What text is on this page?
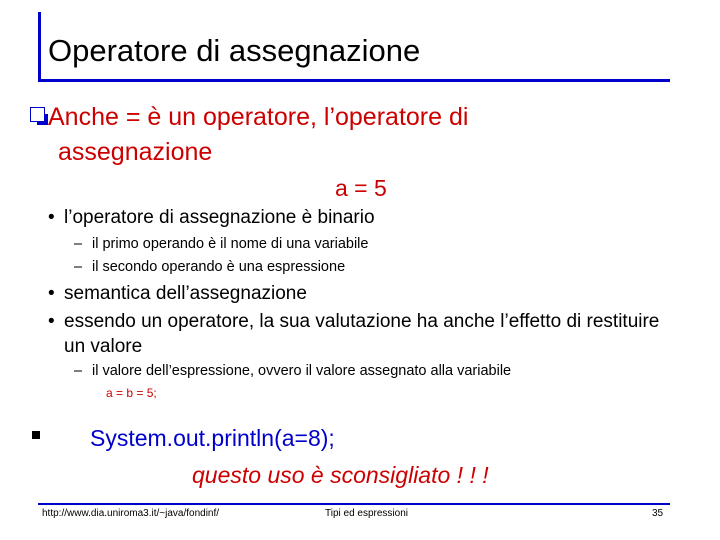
Operatore di assegnazione
Anche = è un operatore, l’operatore di
assegnazione
a = 5
• l’operatore di assegnazione è binario
– il primo operando è il nome di una variabile
– il secondo operando è una espressione
• semantica dell’assegnazione
• essendo un operatore, la sua valutazione ha anche l’effetto di restituire
un valore
– il valore dell’espressione, ovvero il valore assegnato alla variabile
a = b = 5;
System.out.println(a=8);
questo uso è sconsigliato ! ! !
http://www.dia.uniroma3.it/~java/fondinf/	Tipi ed espressioni	35
